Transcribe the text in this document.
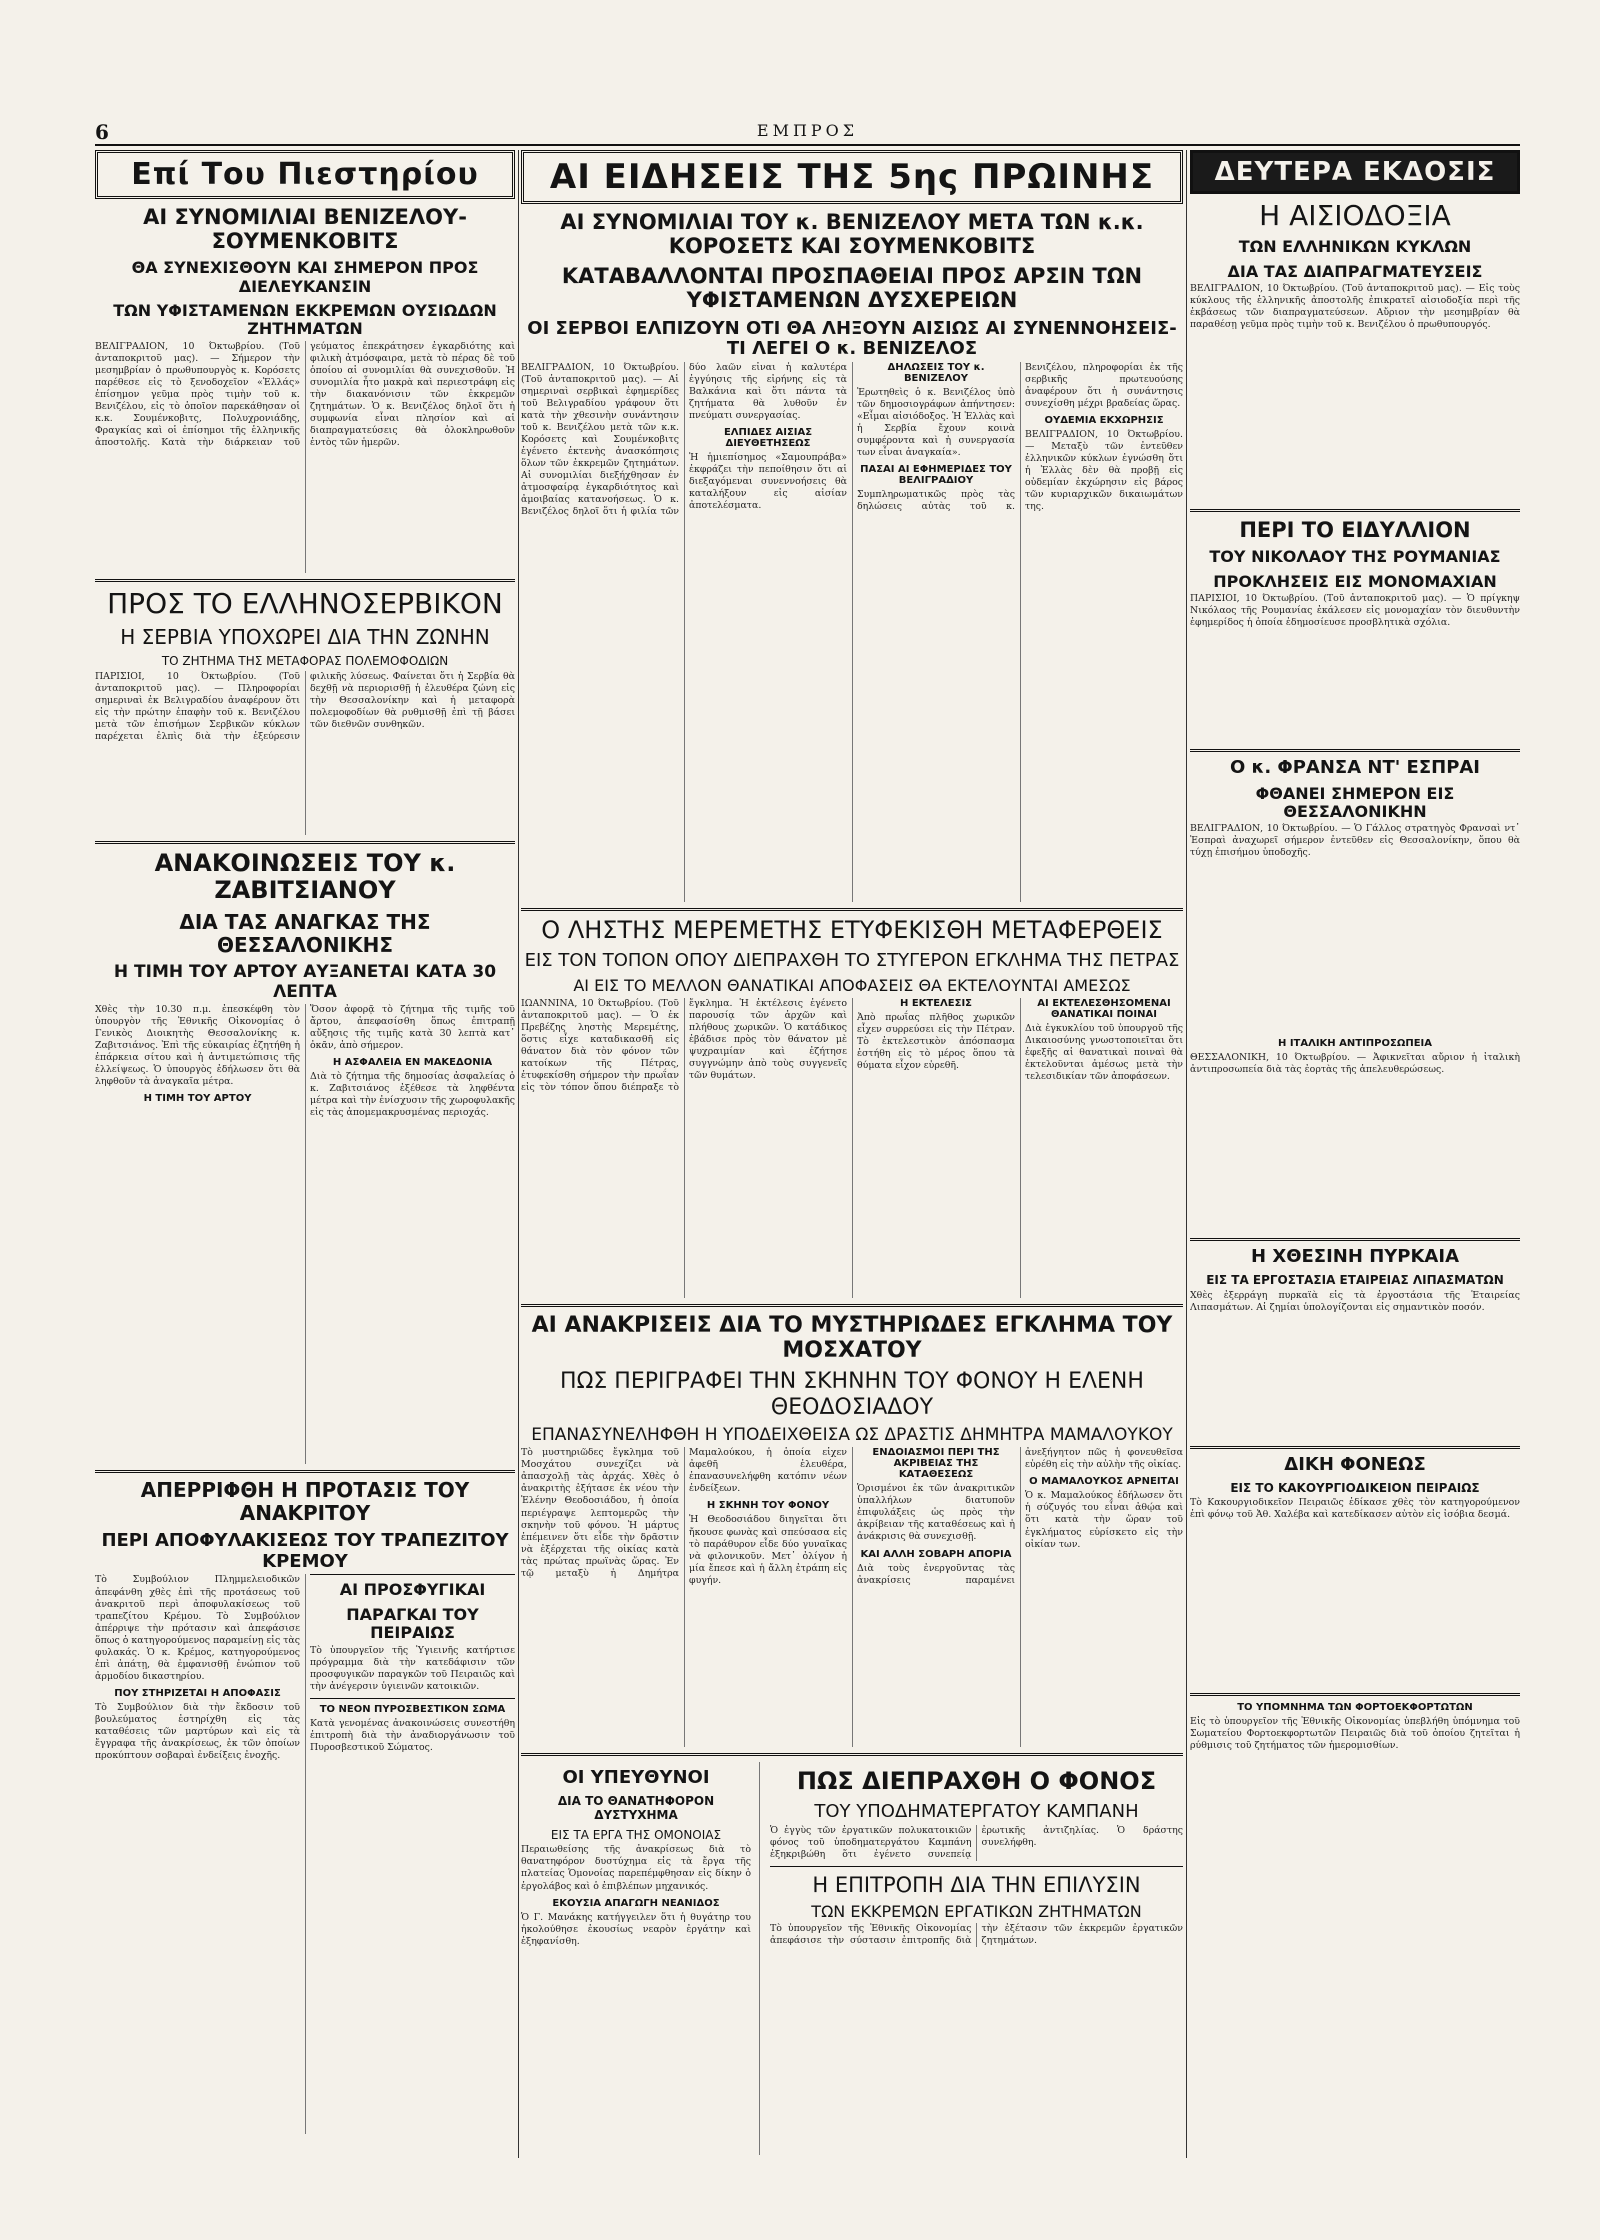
6	ΕΜΠΡΟΣ
Επί Του Πιεστηρίου
ΑΙ ΣΥΝΟΜΙΛΙΑΙ ΒΕΝΙΖΕΛΟΥ-ΣΟΥΜΕΝΚΟΒΙΤΣ
ΘΑ ΣΥΝΕΧΙΣΘΟΥΝ ΚΑΙ ΣΗΜΕΡΟΝ ΠΡΟΣ ΔΙΕΛΕΥΚΑΝΣΙΝ
ΤΩΝ ΥΦΙΣΤΑΜΕΝΩΝ ΕΚΚΡΕΜΩΝ ΟΥΣΙΩΔΩΝ ΖΗΤΗΜΑΤΩΝ
ΒΕΛΙΓΡΑΔΙΟΝ, 10 Όκτωβρίου. (Τοῦ ἀνταποκριτοῦ μας). — Σήμερον τὴν μεσημβρίαν ὁ πρωθυπουργὸς κ. Κορόσετς παρέθεσε εἰς τὸ ξενοδοχεῖον «Ἑλλάς» ἐπίσημον γεῦμα πρὸς τιμὴν τοῦ κ. Βενιζέλου, εἰς τὸ ὁποῖον παρεκάθησαν οἱ κ.κ. Σουμένκοβιτς, Πολυχρονιάδης, Φραγκίας καὶ οἱ ἐπίσημοι τῆς ἑλληνικῆς ἀποστολῆς. Κατὰ τὴν διάρκειαν τοῦ γεύματος ἐπεκράτησεν ἐγκαρδιότης καὶ φιλικὴ ἀτμόσφαιρα, μετὰ τὸ πέρας δὲ τοῦ ὁποίου αἱ συνομιλίαι θὰ συνεχισθοῦν. Ἡ συνομιλία ἦτο μακρὰ καὶ περιεστράφη εἰς τὴν διακανόνισιν τῶν ἐκκρεμῶν ζητημάτων. Ὁ κ. Βενιζέλος δηλοῖ ὅτι ἡ συμφωνία εἶναι πλησίον καὶ αἱ διαπραγματεύσεις θὰ ὁλοκληρωθοῦν ἐντὸς τῶν ἡμερῶν.
ΠΡΟΣ ΤΟ ΕΛΛΗΝΟΣΕΡΒΙΚΟΝ
Η ΣΕΡΒΙΑ ΥΠΟΧΩΡΕΙ ΔΙΑ ΤΗΝ ΖΩΝΗΝ
ΤΟ ΖΗΤΗΜΑ ΤΗΣ ΜΕΤΑΦΟΡΑΣ ΠΟΛΕΜΟΦΟΔΙΩΝ
ΠΑΡΙΣΙΟΙ, 10 Όκτωβρίου. (Τοῦ ἀνταποκριτοῦ μας). — Πληροφορίαι σημεριναὶ ἐκ Βελιγραδίου ἀναφέρουν ὅτι εἰς τὴν πρώτην ἐπαφὴν τοῦ κ. Βενιζέλου μετὰ τῶν ἐπισήμων Σερβικῶν κύκλων παρέχεται ἐλπὶς διὰ τὴν ἐξεύρεσιν φιλικῆς λύσεως. Φαίνεται ὅτι ἡ Σερβία θὰ δεχθῇ νὰ περιορισθῇ ἡ ἐλευθέρα ζώνη εἰς τὴν Θεσσαλονίκην καὶ ἡ μεταφορὰ πολεμοφοδίων θὰ ρυθμισθῇ ἐπὶ τῇ βάσει τῶν διεθνῶν συνθηκῶν.
ΑΝΑΚΟΙΝΩΣΕΙΣ ΤΟΥ κ. ΖΑΒΙΤΣΙΑΝΟΥ
ΔΙΑ ΤΑΣ ΑΝΑΓΚΑΣ ΤΗΣ ΘΕΣΣΑΛΟΝΙΚΗΣ
Η ΤΙΜΗ ΤΟΥ ΑΡΤΟΥ ΑΥΞΑΝΕΤΑΙ ΚΑΤΑ 30 ΛΕΠΤΑ
Χθὲς τὴν 10.30 π.μ. ἐπεσκέφθη τὸν ὑπουργὸν τῆς Ἐθνικῆς Οἰκονομίας ὁ Γενικὸς Διοικητὴς Θεσσαλονίκης κ. Ζαβιτσιάνος. Ἐπὶ τῆς εὐκαιρίας ἐζητήθη ἡ ἐπάρκεια σίτου καὶ ἡ ἀντιμετώπισις τῆς ἐλλείψεως. Ὁ ὑπουργὸς ἐδήλωσεν ὅτι θὰ ληφθοῦν τὰ ἀναγκαῖα μέτρα.
Η ΤΙΜΗ ΤΟΥ ΑΡΤΟΥ
Ὅσον ἀφορᾷ τὸ ζήτημα τῆς τιμῆς τοῦ ἄρτου, ἀπεφασίσθη ὅπως ἐπιτραπῇ αὔξησις τῆς τιμῆς κατὰ 30 λεπτὰ κατ᾽ ὀκᾶν, ἀπὸ σήμερον.
Η ΑΣΦΑΛΕΙΑ ΕΝ ΜΑΚΕΔΟΝΙΑ
Διὰ τὸ ζήτημα τῆς δημοσίας ἀσφαλείας ὁ κ. Ζαβιτσιάνος ἐξέθεσε τὰ ληφθέντα μέτρα καὶ τὴν ἐνίσχυσιν τῆς χωροφυλακῆς εἰς τὰς ἀπομεμακρυσμένας περιοχάς.
ΑΠΕΡΡΙΦΘΗ Η ΠΡΟΤΑΣΙΣ ΤΟΥ ΑΝΑΚΡΙΤΟΥ
ΠΕΡΙ ΑΠΟΦΥΛΑΚΙΣΕΩΣ ΤΟΥ ΤΡΑΠΕΖΙΤΟΥ ΚΡΕΜΟΥ
Τὸ Συμβούλιον Πλημμελειοδικῶν ἀπεφάνθη χθὲς ἐπὶ τῆς προτάσεως τοῦ ἀνακριτοῦ περὶ ἀποφυλακίσεως τοῦ τραπεζίτου Κρέμου. Τὸ Συμβούλιον ἀπέρριψε τὴν πρότασιν καὶ ἀπεφάσισε ὅπως ὁ κατηγορούμενος παραμείνῃ εἰς τὰς φυλακάς. Ὁ κ. Κρέμος, κατηγορούμενος ἐπὶ ἀπάτῃ, θὰ ἐμφανισθῇ ἐνώπιον τοῦ ἀρμοδίου δικαστηρίου.
ΠΟΥ ΣΤΗΡΙΖΕΤΑΙ Η ΑΠΟΦΑΣΙΣ
Τὸ Συμβούλιον διὰ τὴν ἔκδοσιν τοῦ βουλεύματος ἐστηρίχθη εἰς τὰς καταθέσεις τῶν μαρτύρων καὶ εἰς τὰ ἔγγραφα τῆς ἀνακρίσεως, ἐκ τῶν ὁποίων προκύπτουν σοβαραὶ ἐνδείξεις ἐνοχῆς.
ΑΙ ΠΡΟΣΦΥΓΙΚΑΙ
ΠΑΡΑΓΚΑΙ ΤΟΥ ΠΕΙΡΑΙΩΣ
Τὸ ὑπουργεῖον τῆς Ὑγιεινῆς κατήρτισε πρόγραμμα διὰ τὴν κατεδάφισιν τῶν προσφυγικῶν παραγκῶν τοῦ Πειραιῶς καὶ τὴν ἀνέγερσιν ὑγιεινῶν κατοικιῶν.
ΤΟ ΝΕΟΝ ΠΥΡΟΣΒΕΣΤΙΚΟΝ ΣΩΜΑ
Κατὰ γενομένας ἀνακοινώσεις συνεστήθη ἐπιτροπὴ διὰ τὴν ἀναδιοργάνωσιν τοῦ Πυροσβεστικοῦ Σώματος.
ΑΙ ΕΙΔΗΣΕΙΣ ΤΗΣ 5ης ΠΡΩΙΝΗΣ
ΑΙ ΣΥΝΟΜΙΛΙΑΙ ΤΟΥ κ. ΒΕΝΙΖΕΛΟΥ ΜΕΤΑ ΤΩΝ κ.κ. ΚΟΡΟΣΕΤΣ ΚΑΙ ΣΟΥΜΕΝΚΟΒΙΤΣ
ΚΑΤΑΒΑΛΛΟΝΤΑΙ ΠΡΟΣΠΑΘΕΙΑΙ ΠΡΟΣ ΑΡΣΙΝ ΤΩΝ ΥΦΙΣΤΑΜΕΝΩΝ ΔΥΣΧΕΡΕΙΩΝ
ΟΙ ΣΕΡΒΟΙ ΕΛΠΙΖΟΥΝ ΟΤΙ ΘΑ ΛΗΞΟΥΝ ΑΙΣΙΩΣ ΑΙ ΣΥΝΕΝΝΟΗΣΕΙΣ-ΤΙ ΛΕΓΕΙ Ο κ. ΒΕΝΙΖΕΛΟΣ
ΒΕΛΙΓΡΑΔΙΟΝ, 10 Όκτωβρίου. (Τοῦ ἀνταποκριτοῦ μας). — Αἱ σημεριναὶ σερβικαὶ ἐφημερίδες τοῦ Βελιγραδίου γράφουν ὅτι κατὰ τὴν χθεσινὴν συνάντησιν τοῦ κ. Βενιζέλου μετὰ τῶν κ.κ. Κορόσετς καὶ Σουμένκοβιτς ἐγένετο ἐκτενὴς ἀνασκόπησις ὅλων τῶν ἐκκρεμῶν ζητημάτων. Αἱ συνομιλίαι διεξήχθησαν ἐν ἀτμοσφαίρᾳ ἐγκαρδιότητος καὶ ἀμοιβαίας κατανοήσεως. Ὁ κ. Βενιζέλος δηλοῖ ὅτι ἡ φιλία τῶν δύο λαῶν εἶναι ἡ καλυτέρα ἐγγύησις τῆς εἰρήνης εἰς τὰ Βαλκάνια καὶ ὅτι πάντα τὰ ζητήματα θὰ λυθοῦν ἐν πνεύματι συνεργασίας.
ΕΛΠΙΔΕΣ ΑΙΣΙΑΣ ΔΙΕΥΘΕΤΗΣΕΩΣ
Ἡ ἡμιεπίσημος «Σαμουπράβα» ἐκφράζει τὴν πεποίθησιν ὅτι αἱ διεξαγόμεναι συνεννοήσεις θὰ καταλήξουν εἰς αἰσίαν ἀποτελέσματα.
ΔΗΛΩΣΕΙΣ ΤΟΥ κ. ΒΕΝΙΖΕΛΟΥ
Ἐρωτηθεὶς ὁ κ. Βενιζέλος ὑπὸ τῶν δημοσιογράφων ἀπήντησεν: «Εἶμαι αἰσιόδοξος. Ἡ Ἑλλὰς καὶ ἡ Σερβία ἔχουν κοινὰ συμφέροντα καὶ ἡ συνεργασία των εἶναι ἀναγκαία».
ΠΑΣΑΙ ΑΙ ΕΦΗΜΕΡΙΔΕΣ ΤΟΥ ΒΕΛΙΓΡΑΔΙΟΥ
Συμπληρωματικῶς πρὸς τὰς δηλώσεις αὐτὰς τοῦ κ. Βενιζέλου, πληροφορίαι ἐκ τῆς σερβικῆς πρωτευούσης ἀναφέρουν ὅτι ἡ συνάντησις συνεχίσθη μέχρι βραδείας ὥρας.
ΟΥΔΕΜΙΑ ΕΚΧΩΡΗΣΙΣ
ΒΕΛΙΓΡΑΔΙΟΝ, 10 Όκτωβρίου. — Μεταξὺ τῶν ἐντεῦθεν ἑλληνικῶν κύκλων ἐγνώσθη ὅτι ἡ Ἑλλὰς δὲν θὰ προβῇ εἰς οὐδεμίαν ἐκχώρησιν εἰς βάρος τῶν κυριαρχικῶν δικαιωμάτων της.
Ο ΛΗΣΤΗΣ ΜΕΡΕΜΕΤΗΣ ΕΤΥΦΕΚΙΣΘΗ ΜΕΤΑΦΕΡΘΕΙΣ
ΕΙΣ ΤΟΝ ΤΟΠΟΝ ΟΠΟΥ ΔΙΕΠΡΑΧΘΗ ΤΟ ΣΤΥΓΕΡΟΝ ΕΓΚΛΗΜΑ ΤΗΣ ΠΕΤΡΑΣ
ΑΙ ΕΙΣ ΤΟ ΜΕΛΛΟΝ ΘΑΝΑΤΙΚΑΙ ΑΠΟΦΑΣΕΙΣ ΘΑ ΕΚΤΕΛΟΥΝΤΑΙ ΑΜΕΣΩΣ
ΙΩΑΝΝΙΝΑ, 10 Όκτωβρίου. (Τοῦ ἀνταποκριτοῦ μας). — Ὁ ἐκ Πρεβέζης ληστὴς Μερεμέτης, ὅστις εἶχε καταδικασθῆ εἰς θάνατον διὰ τὸν φόνον τῶν κατοίκων τῆς Πέτρας, ἐτυφεκίσθη σήμερον τὴν πρωΐαν εἰς τὸν τόπον ὅπου διέπραξε τὸ ἔγκλημα. Ἡ ἐκτέλεσις ἐγένετο παρουσίᾳ τῶν ἀρχῶν καὶ πλήθους χωρικῶν. Ὁ κατάδικος ἐβάδισε πρὸς τὸν θάνατον μὲ ψυχραιμίαν καὶ ἐζήτησε συγγνώμην ἀπὸ τοὺς συγγενεῖς τῶν θυμάτων.
Η ΕΚΤΕΛΕΣΙΣ
Ἀπὸ πρωΐας πλῆθος χωρικῶν εἶχεν συρρεύσει εἰς τὴν Πέτραν. Τὸ ἐκτελεστικὸν ἀπόσπασμα ἐστήθη εἰς τὸ μέρος ὅπου τὰ θύματα εἶχον εὑρεθῆ.
ΑΙ ΕΚΤΕΛΕΣΘΗΣΟΜΕΝΑΙ ΘΑΝΑΤΙΚΑΙ ΠΟΙΝΑΙ
Διὰ ἐγκυκλίου τοῦ ὑπουργοῦ τῆς Δικαιοσύνης γνωστοποιεῖται ὅτι ἐφεξῆς αἱ θανατικαὶ ποιναὶ θὰ ἐκτελοῦνται ἀμέσως μετὰ τὴν τελεσιδικίαν τῶν ἀποφάσεων.
ΑΙ ΑΝΑΚΡΙΣΕΙΣ ΔΙΑ ΤΟ ΜΥΣΤΗΡΙΩΔΕΣ ΕΓΚΛΗΜΑ ΤΟΥ ΜΟΣΧΑΤΟΥ
ΠΩΣ ΠΕΡΙΓΡΑΦΕΙ ΤΗΝ ΣΚΗΝΗΝ ΤΟΥ ΦΟΝΟΥ Η ΕΛΕΝΗ ΘΕΟΔΟΣΙΑΔΟΥ
ΕΠΑΝΑΣΥΝΕΛΗΦΘΗ Η ΥΠΟΔΕΙΧΘΕΙΣΑ ΩΣ ΔΡΑΣΤΙΣ ΔΗΜΗΤΡΑ ΜΑΜΑΛΟΥΚΟΥ
Τὸ μυστηριῶδες ἔγκλημα τοῦ Μοσχάτου συνεχίζει νὰ ἀπασχολῇ τὰς ἀρχάς. Χθὲς ὁ ἀνακριτὴς ἐξήτασε ἐκ νέου τὴν Ἑλένην Θεοδοσιάδου, ἡ ὁποία περιέγραψε λεπτομερῶς τὴν σκηνὴν τοῦ φόνου. Ἡ μάρτυς ἐπέμεινεν ὅτι εἶδε τὴν δρᾶστιν νὰ ἐξέρχεται τῆς οἰκίας κατὰ τὰς πρώτας πρωϊνὰς ὥρας. Ἐν τῷ μεταξὺ ἡ Δημήτρα Μαμαλούκου, ἡ ὁποία εἶχεν ἀφεθῆ ἐλευθέρα, ἐπανασυνελήφθη κατόπιν νέων ἐνδείξεων.
Η ΣΚΗΝΗ ΤΟΥ ΦΟΝΟΥ
Ἡ Θεοδοσιάδου διηγεῖται ὅτι ἤκουσε φωνὰς καὶ σπεύσασα εἰς τὸ παράθυρον εἶδε δύο γυναῖκας νὰ φιλονικοῦν. Μετ᾽ ὀλίγον ἡ μία ἔπεσε καὶ ἡ ἄλλη ἐτράπη εἰς φυγήν.
ΕΝΔΟΙΑΣΜΟΙ ΠΕΡΙ ΤΗΣ ΑΚΡΙΒΕΙΑΣ ΤΗΣ ΚΑΤΑΘΕΣΕΩΣ
Ὁρισμένοι ἐκ τῶν ἀνακριτικῶν ὑπαλλήλων διατυποῦν ἐπιφυλάξεις ὡς πρὸς τὴν ἀκρίβειαν τῆς καταθέσεως καὶ ἡ ἀνάκρισις θὰ συνεχισθῇ.
ΚΑΙ ΑΛΛΗ ΣΟΒΑΡΗ ΑΠΟΡΙΑ
Διὰ τοὺς ἐνεργοῦντας τὰς ἀνακρίσεις παραμένει ἀνεξήγητον πῶς ἡ φονευθεῖσα εὑρέθη εἰς τὴν αὐλὴν τῆς οἰκίας.
Ο ΜΑΜΑΛΟΥΚΟΣ ΑΡΝΕΙΤΑΙ
Ὁ κ. Μαμαλούκος ἐδήλωσεν ὅτι ἡ σύζυγός του εἶναι ἀθῴα καὶ ὅτι κατὰ τὴν ὥραν τοῦ ἐγκλήματος εὑρίσκετο εἰς τὴν οἰκίαν των.
ΟΙ ΥΠΕΥΘΥΝΟΙ
ΔΙΑ ΤΟ ΘΑΝΑΤΗΦΟΡΟΝ ΔΥΣΤΥΧΗΜΑ
ΕΙΣ ΤΑ ΕΡΓΑ ΤΗΣ ΟΜΟΝΟΙΑΣ
Περαιωθείσης τῆς ἀνακρίσεως διὰ τὸ θανατηφόρον δυστύχημα εἰς τὰ ἔργα τῆς πλατείας Ὁμονοίας παρεπέμφθησαν εἰς δίκην ὁ ἐργολάβος καὶ ὁ ἐπιβλέπων μηχανικός.
ΕΚΟΥΣΙΑ ΑΠΑΓΩΓΗ ΝΕΑΝΙΔΟΣ
Ὁ Γ. Μανάκης κατήγγειλεν ὅτι ἡ θυγάτηρ του ἠκολούθησε ἑκουσίως νεαρὸν ἐργάτην καὶ ἐξηφανίσθη.
ΠΩΣ ΔΙΕΠΡΑΧΘΗ Ο ΦΟΝΟΣ
ΤΟΥ ΥΠΟΔΗΜΑΤΕΡΓΑΤΟΥ ΚΑΜΠΑΝΗ
Ὁ ἐγγὺς τῶν ἐργατικῶν πολυκατοικιῶν φόνος τοῦ ὑποδηματεργάτου Καμπάνη ἐξηκριβώθη ὅτι ἐγένετο συνεπείᾳ ἐρωτικῆς ἀντιζηλίας. Ὁ δράστης συνελήφθη.
Η ΕΠΙΤΡΟΠΗ ΔΙΑ ΤΗΝ ΕΠΙΛΥΣΙΝ
ΤΩΝ ΕΚΚΡΕΜΩΝ ΕΡΓΑΤΙΚΩΝ ΖΗΤΗΜΑΤΩΝ
Τὸ ὑπουργεῖον τῆς Ἐθνικῆς Οἰκονομίας ἀπεφάσισε τὴν σύστασιν ἐπιτροπῆς διὰ τὴν ἐξέτασιν τῶν ἐκκρεμῶν ἐργατικῶν ζητημάτων.
ΔΕΥΤΕΡΑ ΕΚΔΟΣΙΣ
Η ΑΙΣΙΟΔΟΞΙΑ
ΤΩΝ ΕΛΛΗΝΙΚΩΝ ΚΥΚΛΩΝ
ΔΙΑ ΤΑΣ ΔΙΑΠΡΑΓΜΑΤΕΥΣΕΙΣ
ΒΕΛΙΓΡΑΔΙΟΝ, 10 Όκτωβρίου. (Τοῦ ἀνταποκριτοῦ μας). — Εἰς τοὺς κύκλους τῆς ἑλληνικῆς ἀποστολῆς ἐπικρατεῖ αἰσιοδοξία περὶ τῆς ἐκβάσεως τῶν διαπραγματεύσεων. Αὔριον τὴν μεσημβρίαν θὰ παραθέσῃ γεῦμα πρὸς τιμὴν τοῦ κ. Βενιζέλου ὁ πρωθυπουργός.
ΠΕΡΙ ΤΟ ΕΙΔΥΛΛΙΟΝ
ΤΟΥ ΝΙΚΟΛΑΟΥ ΤΗΣ ΡΟΥΜΑΝΙΑΣ
ΠΡΟΚΛΗΣΕΙΣ ΕΙΣ ΜΟΝΟΜΑΧΙΑΝ
ΠΑΡΙΣΙΟΙ, 10 Όκτωβρίου. (Τοῦ ἀνταποκριτοῦ μας). — Ὁ πρίγκηψ Νικόλαος τῆς Ρουμανίας ἐκάλεσεν εἰς μονομαχίαν τὸν διευθυντὴν ἐφημερίδος ἡ ὁποία ἐδημοσίευσε προσβλητικὰ σχόλια.
Ο κ. ΦΡΑΝΣΑ ΝΤ' ΕΣΠΡΑΙ
ΦΘΑΝΕΙ ΣΗΜΕΡΟΝ ΕΙΣ ΘΕΣΣΑΛΟΝΙΚΗΝ
ΒΕΛΙΓΡΑΔΙΟΝ, 10 Όκτωβρίου. — Ὁ Γάλλος στρατηγὸς Φρανσαὶ ντ᾽ Ἐσπραὶ ἀναχωρεῖ σήμερον ἐντεῦθεν εἰς Θεσσαλονίκην, ὅπου θὰ τύχῃ ἐπισήμου ὑποδοχῆς.
Η ΙΤΑΛΙΚΗ ΑΝΤΙΠΡΟΣΩΠΕΙΑ
ΘΕΣΣΑΛΟΝΙΚΗ, 10 Όκτωβρίου. — Ἀφικνεῖται αὔριον ἡ ἰταλικὴ ἀντιπροσωπεία διὰ τὰς ἐορτὰς τῆς ἀπελευθερώσεως.
Η ΧΘΕΣΙΝΗ ΠΥΡΚΑΙΑ
ΕΙΣ ΤΑ ΕΡΓΟΣΤΑΣΙΑ ΕΤΑΙΡΕΙΑΣ ΛΙΠΑΣΜΑΤΩΝ
Χθὲς ἐξερράγη πυρκαϊὰ εἰς τὰ ἐργοστάσια τῆς Ἑταιρείας Λιπασμάτων. Αἱ ζημίαι ὑπολογίζονται εἰς σημαντικὸν ποσόν.
ΔΙΚΗ ΦΟΝΕΩΣ
ΕΙΣ ΤΟ ΚΑΚΟΥΡΓΙΟΔΙΚΕΙΟΝ ΠΕΙΡΑΙΩΣ
Τὸ Κακουργιοδικεῖον Πειραιῶς ἐδίκασε χθὲς τὸν κατηγορούμενον ἐπὶ φόνῳ τοῦ Ἀθ. Χαλέβα καὶ κατεδίκασεν αὐτὸν εἰς ἰσόβια δεσμά.
ΤΟ ΥΠΟΜΝΗΜΑ ΤΩΝ ΦΟΡΤΟΕΚΦΟΡΤΩΤΩΝ
Εἰς τὸ ὑπουργεῖον τῆς Ἐθνικῆς Οἰκονομίας ὑπεβλήθη ὑπόμνημα τοῦ Σωματείου Φορτοεκφορτωτῶν Πειραιῶς διὰ τοῦ ὁποίου ζητεῖται ἡ ρύθμισις τοῦ ζητήματος τῶν ἡμερομισθίων.
